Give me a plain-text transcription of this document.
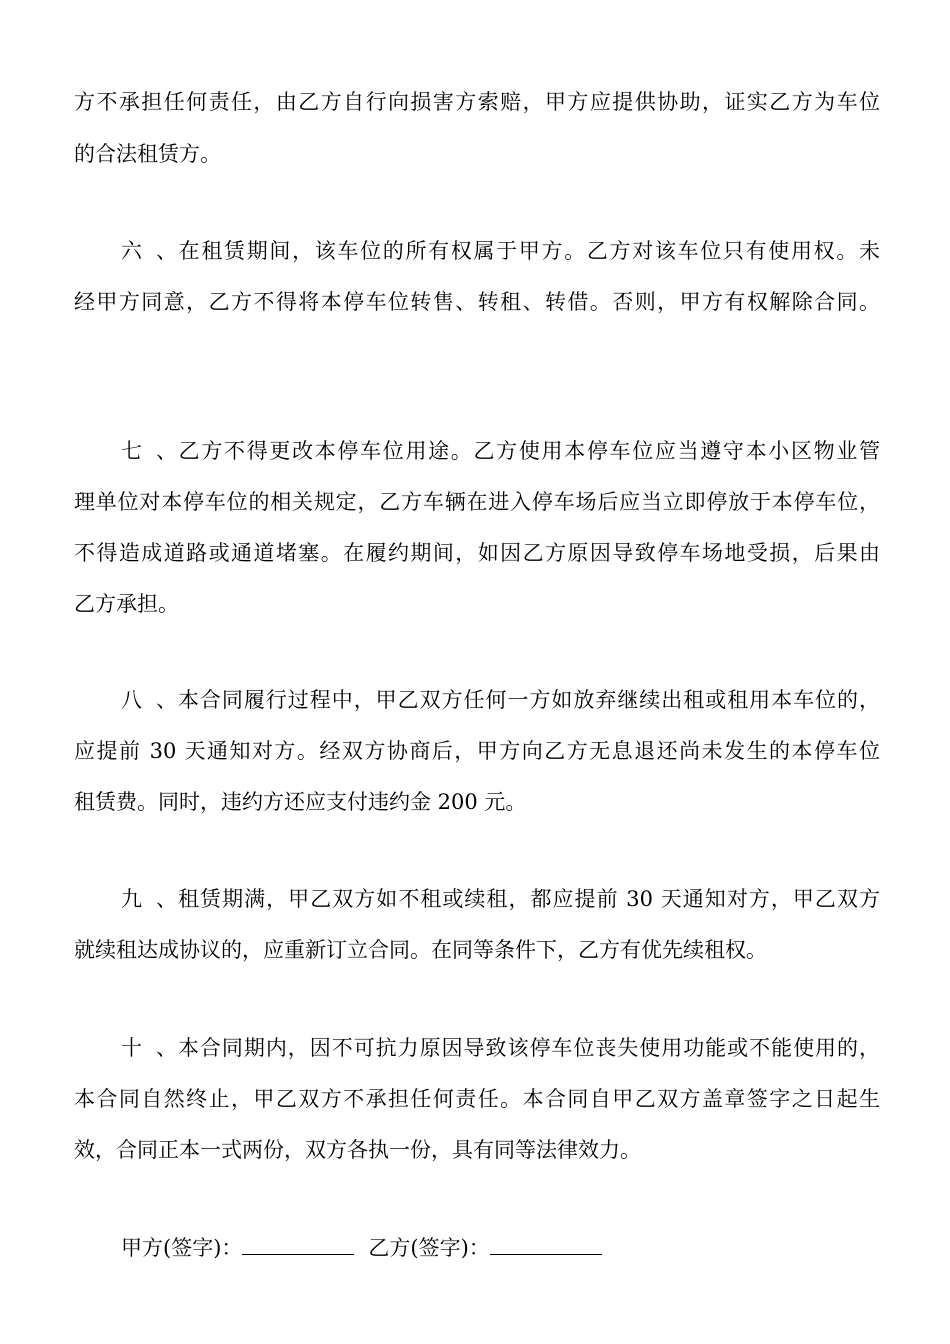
方不承担任何责任，由乙方自行向损害方索赔，甲方应提供协助，证实乙方为车位
的合法租赁方。
六、在租赁期间，该车位的所有权属于甲方。乙方对该车位只有使用权。未
经甲方同意，乙方不得将本停车位转售、转租、转借。否则，甲方有权解除合同。
七、乙方不得更改本停车位用途。乙方使用本停车位应当遵守本小区物业管
理单位对本停车位的相关规定，乙方车辆在进入停车场后应当立即停放于本停车位，
不得造成道路或通道堵塞。在履约期间，如因乙方原因导致停车场地受损，后果由
乙方承担。
八、本合同履行过程中，甲乙双方任何一方如放弃继续出租或租用本车位的，
应提前 30 天通知对方。经双方协商后，甲方向乙方无息退还尚未发生的本停车位
租赁费。同时，违约方还应支付违约金 200 元。
九、租赁期满，甲乙双方如不租或续租，都应提前 30 天通知对方，甲乙双方
就续租达成协议的，应重新订立合同。在同等条件下，乙方有优先续租权。
十、本合同期内，因不可抗力原因导致该停车位丧失使用功能或不能使用的，
本合同自然终止，甲乙双方不承担任何责任。本合同自甲乙双方盖章签字之日起生
效，合同正本一式两份，双方各执一份，具有同等法律效力。
甲方(签字)：	乙方(签字)：
